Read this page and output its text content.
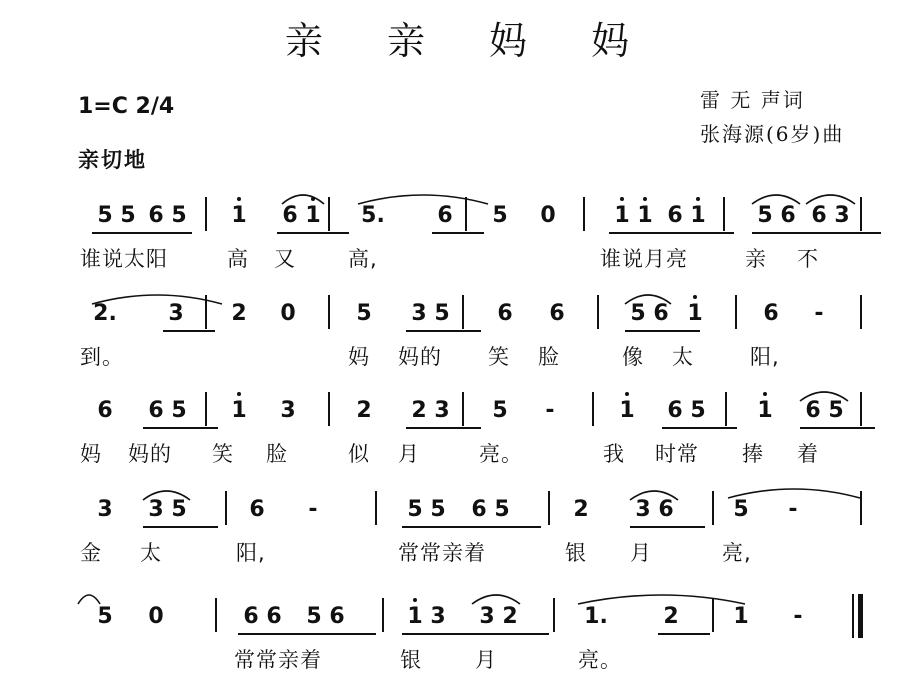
亲 亲 妈 妈
雷 无 声词
张海源(6岁)曲
1=C 2/4
亲切地
5 5 6 5 1 6 1 5. 6 5 0	1 1 6 1 5 6 6 3
谁说太阳	高 又 高,	谁说月亮	亲 不
2. 3 2 0	5 3 5 6 6	5 6 1	6	-
到。	妈 妈的 笑 脸	像 太	阳,
6 6 5 1 3	2 2 3 5	-	1 6 5 1 6 5
妈 妈的 笑 脸	似 月	亮。	我 时常 捧 着
3 3 5	6	-	5 5 6 5	2 3 6	5	-
金 太	阳,	常常亲着	银 月	亮,
5 0	6 6 5 6	1 3 3 2	1.	2 1	-
常常亲着	银	月	亮。
